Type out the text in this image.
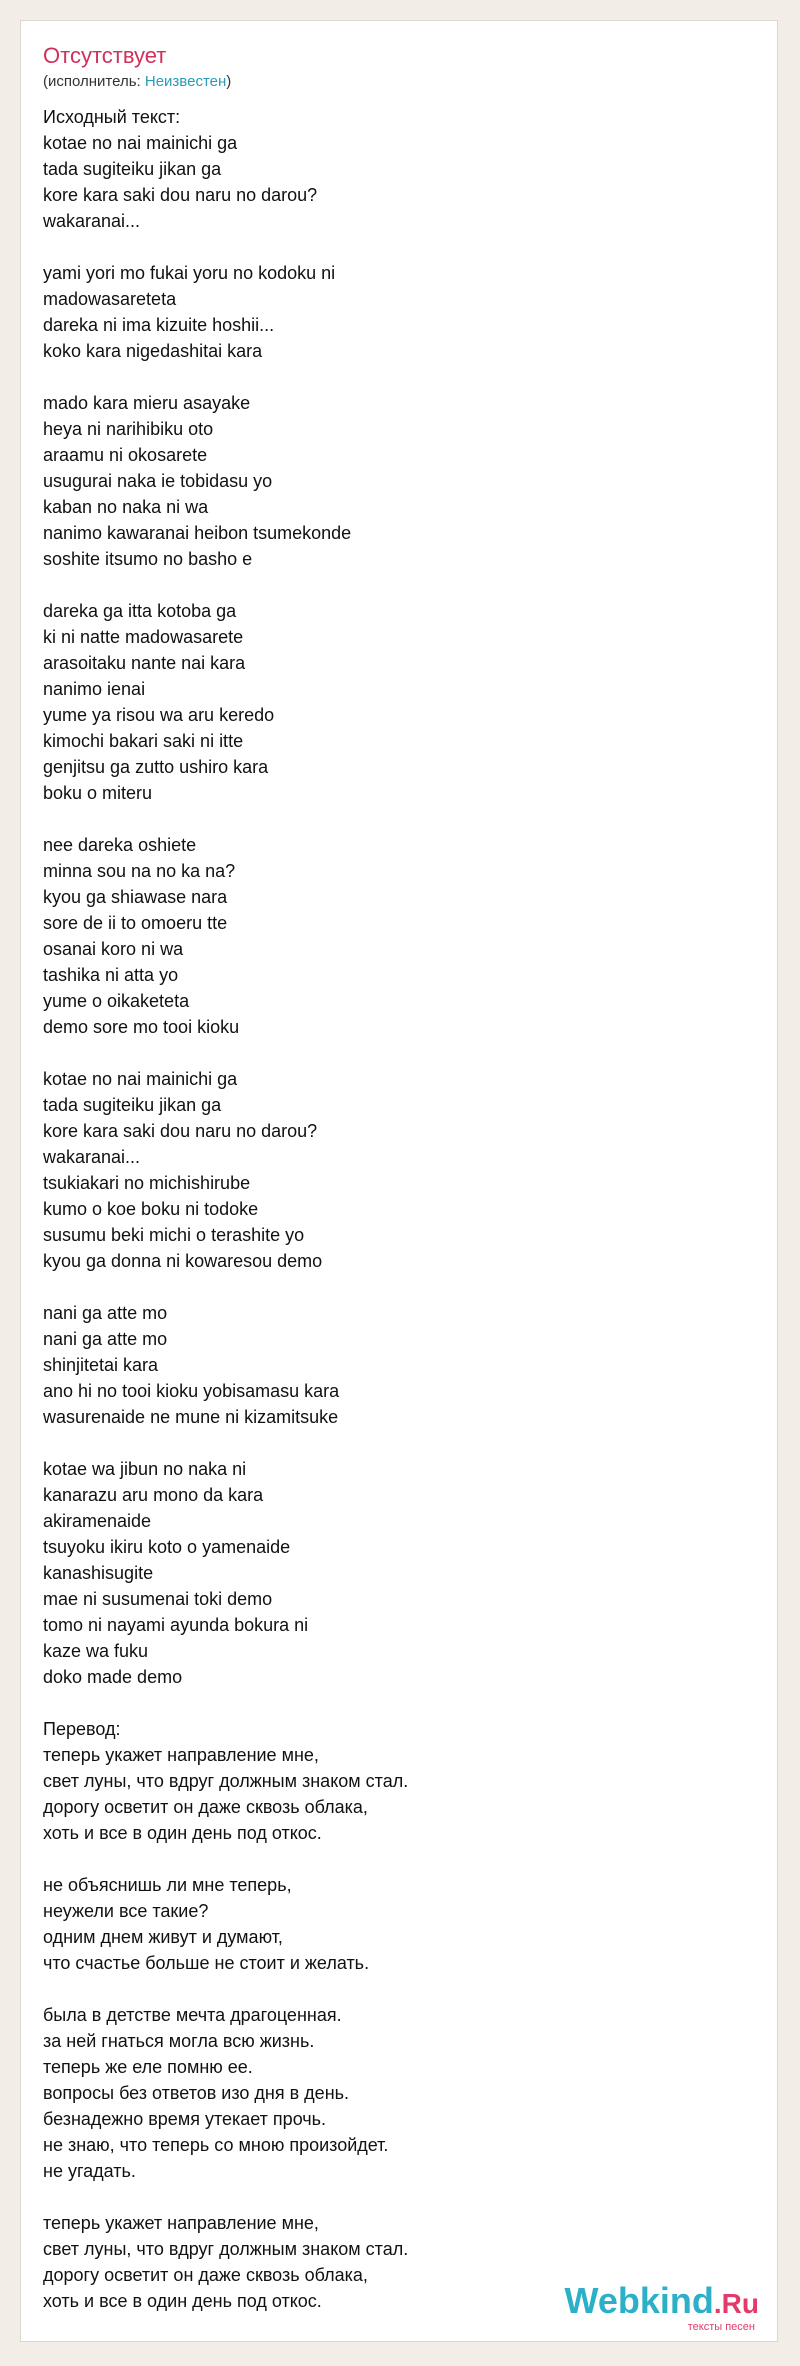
Отсутствует
(исполнитель: Неизвестен)
Исходный текст:
kotae no nai mainichi ga
tada sugiteiku jikan ga
kore kara saki dou naru no darou?
wakaranai...
yami yori mo fukai yoru no kodoku ni
madowasareteta
dareka ni ima kizuite hoshii...
koko kara nigedashitai kara
mado kara mieru asayake
heya ni narihibiku oto
araamu ni okosarete
usugurai naka ie tobidasu yo
kaban no naka ni wa
nanimo kawaranai heibon tsumekonde
soshite itsumo no basho e
dareka ga itta kotoba ga
ki ni natte madowasarete
arasoitaku nante nai kara
nanimo ienai
yume ya risou wa aru keredo
kimochi bakari saki ni itte
genjitsu ga zutto ushiro kara
boku o miteru
nee dareka oshiete
minna sou na no ka na?
kyou ga shiawase nara
sore de ii to omoeru tte
osanai koro ni wa
tashika ni atta yo
yume o oikaketeta
demo sore mo tooi kioku
kotae no nai mainichi ga
tada sugiteiku jikan ga
kore kara saki dou naru no darou?
wakaranai...
tsukiakari no michishirube
kumo o koe boku ni todoke
susumu beki michi o terashite yo
kyou ga donna ni kowaresou demo
nani ga atte mo
nani ga atte mo
shinjitetai kara
ano hi no tooi kioku yobisamasu kara
wasurenaide ne mune ni kizamitsuke
kotae wa jibun no naka ni
kanarazu aru mono da kara
akiramenaide
tsuyoku ikiru koto o yamenaide
kanashisugite
mae ni susumenai toki demo
tomo ni nayami ayunda bokura ni
kaze wa fuku
doko made demo
Перевод:
теперь укажет направление мне,
свет луны, что вдруг должным знаком стал.
дорогу осветит он даже сквозь облака,
хоть и все в один день под откос.
не объяснишь ли мне теперь,
неужели все такие?
одним днем живут и думают,
что счастье больше не стоит и желать.
была в детстве мечта драгоценная.
за ней гнаться могла всю жизнь.
теперь же еле помню ее.
вопросы без ответов изо дня в день.
безнадежно время утекает прочь.
не знаю, что теперь со мною произойдет.
не угадать.
теперь укажет направление мне,
свет луны, что вдруг должным знаком стал.
дорогу осветит он даже сквозь облака,
хоть и все в один день под откос.	Webkind.Ru
тексты песен
